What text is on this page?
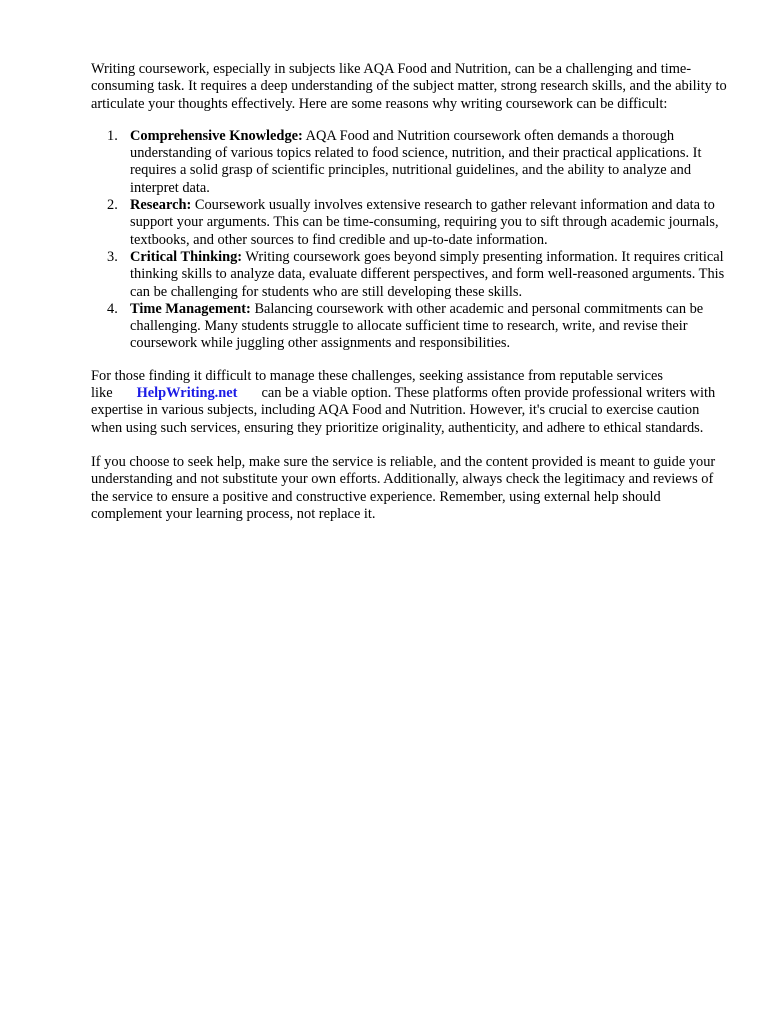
Writing coursework, especially in subjects like AQA Food and Nutrition, can be a challenging and time-consuming task. It requires a deep understanding of the subject matter, strong research skills, and the ability to articulate your thoughts effectively. Here are some reasons why writing coursework can be difficult:

1. Comprehensive Knowledge: AQA Food and Nutrition coursework often demands a thorough understanding of various topics related to food science, nutrition, and their practical applications. It requires a solid grasp of scientific principles, nutritional guidelines, and the ability to analyze and interpret data.
2. Research: Coursework usually involves extensive research to gather relevant information and data to support your arguments. This can be time-consuming, requiring you to sift through academic journals, textbooks, and other sources to find credible and up-to-date information.
3. Critical Thinking: Writing coursework goes beyond simply presenting information. It requires critical thinking skills to analyze data, evaluate different perspectives, and form well-reasoned arguments. This can be challenging for students who are still developing these skills.
4. Time Management: Balancing coursework with other academic and personal commitments can be challenging. Many students struggle to allocate sufficient time to research, write, and revise their coursework while juggling other assignments and responsibilities.

For those finding it difficult to manage these challenges, seeking assistance from reputable services like HelpWriting.net can be a viable option. These platforms often provide professional writers with expertise in various subjects, including AQA Food and Nutrition. However, it's crucial to exercise caution when using such services, ensuring they prioritize originality, authenticity, and adhere to ethical standards.

If you choose to seek help, make sure the service is reliable, and the content provided is meant to guide your understanding and not substitute your own efforts. Additionally, always check the legitimacy and reviews of the service to ensure a positive and constructive experience. Remember, using external help should complement your learning process, not replace it.
